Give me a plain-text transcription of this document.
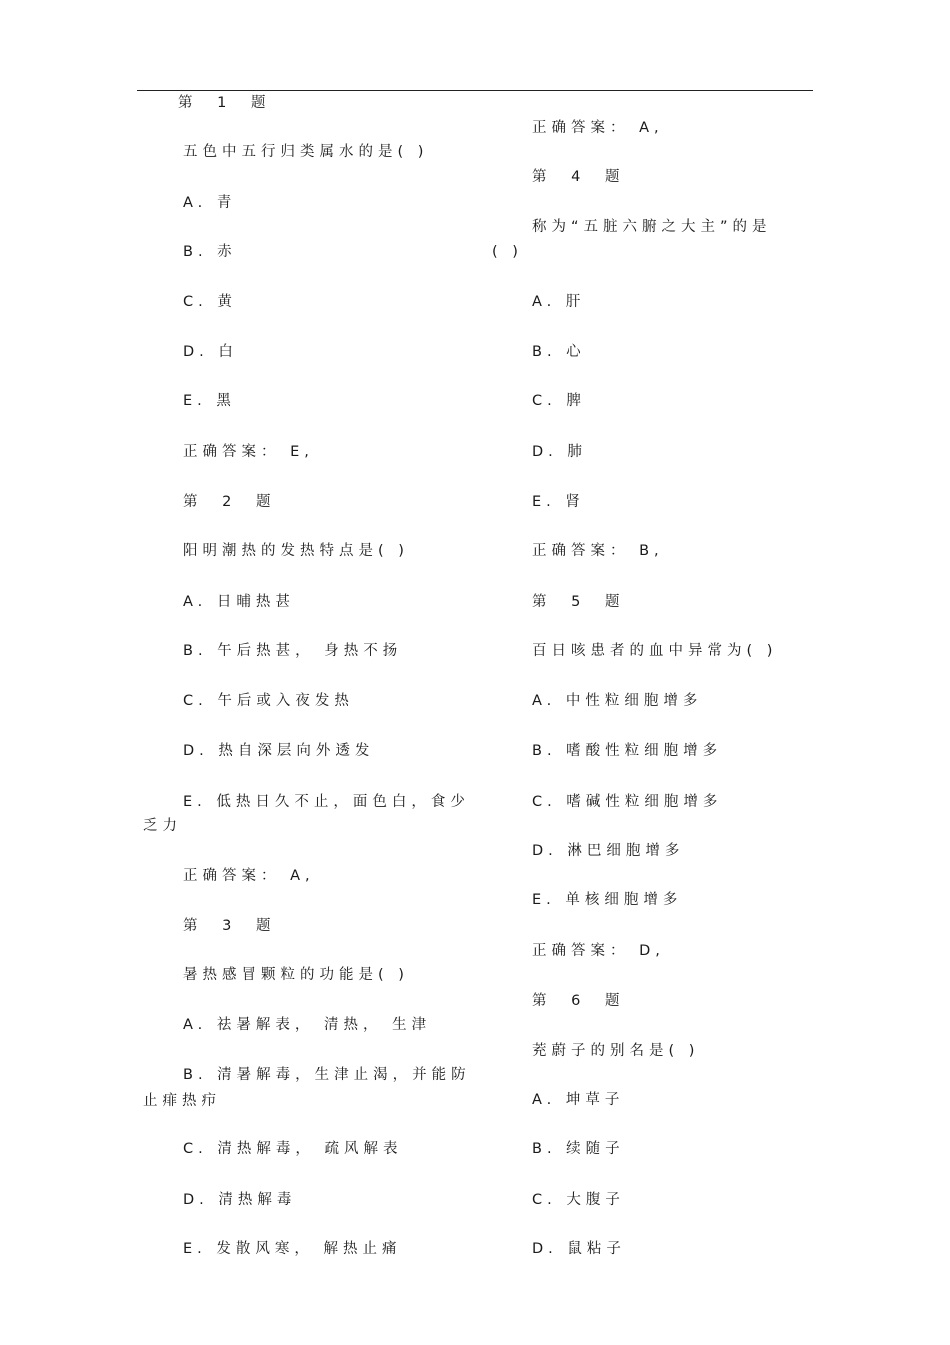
第 1 题
五色中五行归类属水的是( )
A. 青
B. 赤
C. 黄
D. 白
E. 黑
正确答案： E,
第 2 题
阳明潮热的发热特点是( )
A. 日晡热甚
B. 午后热甚， 身热不扬
C. 午后或入夜发热
D. 热自深层向外透发
E. 低热日久不止，面色白，食少
乏力
正确答案： A,
第 3 题
暑热感冒颗粒的功能是( )
A. 祛暑解表， 清热， 生津
B. 清暑解毒，生津止渴，并能防
止痱热疖
C. 清热解毒， 疏风解表
D. 清热解毒
E. 发散风寒， 解热止痛
正确答案： A,
第 4 题
称为“五脏六腑之大主”的是
( )
A. 肝
B. 心
C. 脾
D. 肺
E. 肾
正确答案： B,
第 5 题
百日咳患者的血中异常为( )
A. 中性粒细胞增多
B. 嗜酸性粒细胞增多
C. 嗜碱性粒细胞增多
D. 淋巴细胞增多
E. 单核细胞增多
正确答案： D,
第 6 题
茺蔚子的别名是( )
A. 坤草子
B. 续随子
C. 大腹子
D. 鼠粘子
